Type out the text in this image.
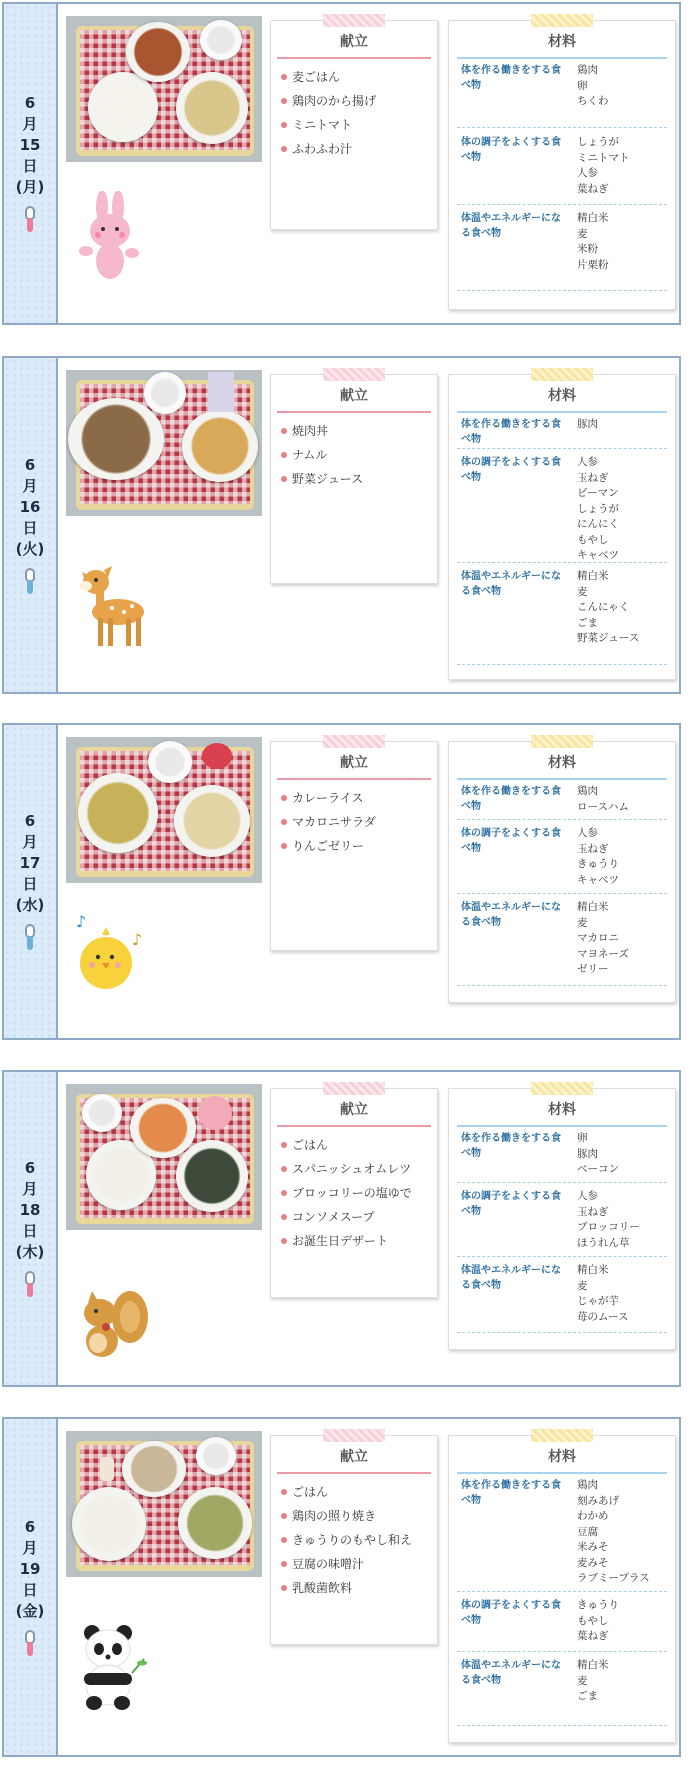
6
月
15
日
(月)
献立
麦ごはん
鶏肉のから揚げ
ミニトマト
ふわふわ汁
材料
体を作る働きをする食べ物
鶏肉
卵
ちくわ
体の調子をよくする食べ物
しょうが
ミニトマト
人参
葉ねぎ
体温やエネルギーになる食べ物
精白米
麦
米粉
片栗粉
6
月
16
日
(火)
献立
焼肉丼
ナムル
野菜ジュース
材料
体を作る働きをする食べ物
豚肉
体の調子をよくする食べ物
人参
玉ねぎ
ピーマン
しょうが
にんにく
もやし
キャベツ
体温やエネルギーになる食べ物
精白米
麦
こんにゃく
ごま
野菜ジュース
6
月
17
日
(水)
♪
♪
献立
カレーライス
マカロニサラダ
りんごゼリー
材料
体を作る働きをする食べ物
鶏肉
ロースハム
体の調子をよくする食べ物
人参
玉ねぎ
きゅうり
キャベツ
体温やエネルギーになる食べ物
精白米
麦
マカロニ
マヨネーズ
ゼリー
6
月
18
日
(木)
献立
ごはん
スパニッシュオムレツ
ブロッコリーの塩ゆで
コンソメスープ
お誕生日デザート
材料
体を作る働きをする食べ物
卵
豚肉
ベーコン
体の調子をよくする食べ物
人参
玉ねぎ
ブロッコリー
ほうれん草
体温やエネルギーになる食べ物
精白米
麦
じゃが芋
苺のムース
6
月
19
日
(金)
献立
ごはん
鶏肉の照り焼き
きゅうりのもやし和え
豆腐の味噌汁
乳酸菌飲料
材料
体を作る働きをする食べ物
鶏肉
刻みあげ
わかめ
豆腐
米みそ
麦みそ
ラブミープラス
体の調子をよくする食べ物
きゅうり
もやし
葉ねぎ
体温やエネルギーになる食べ物
精白米
麦
ごま
